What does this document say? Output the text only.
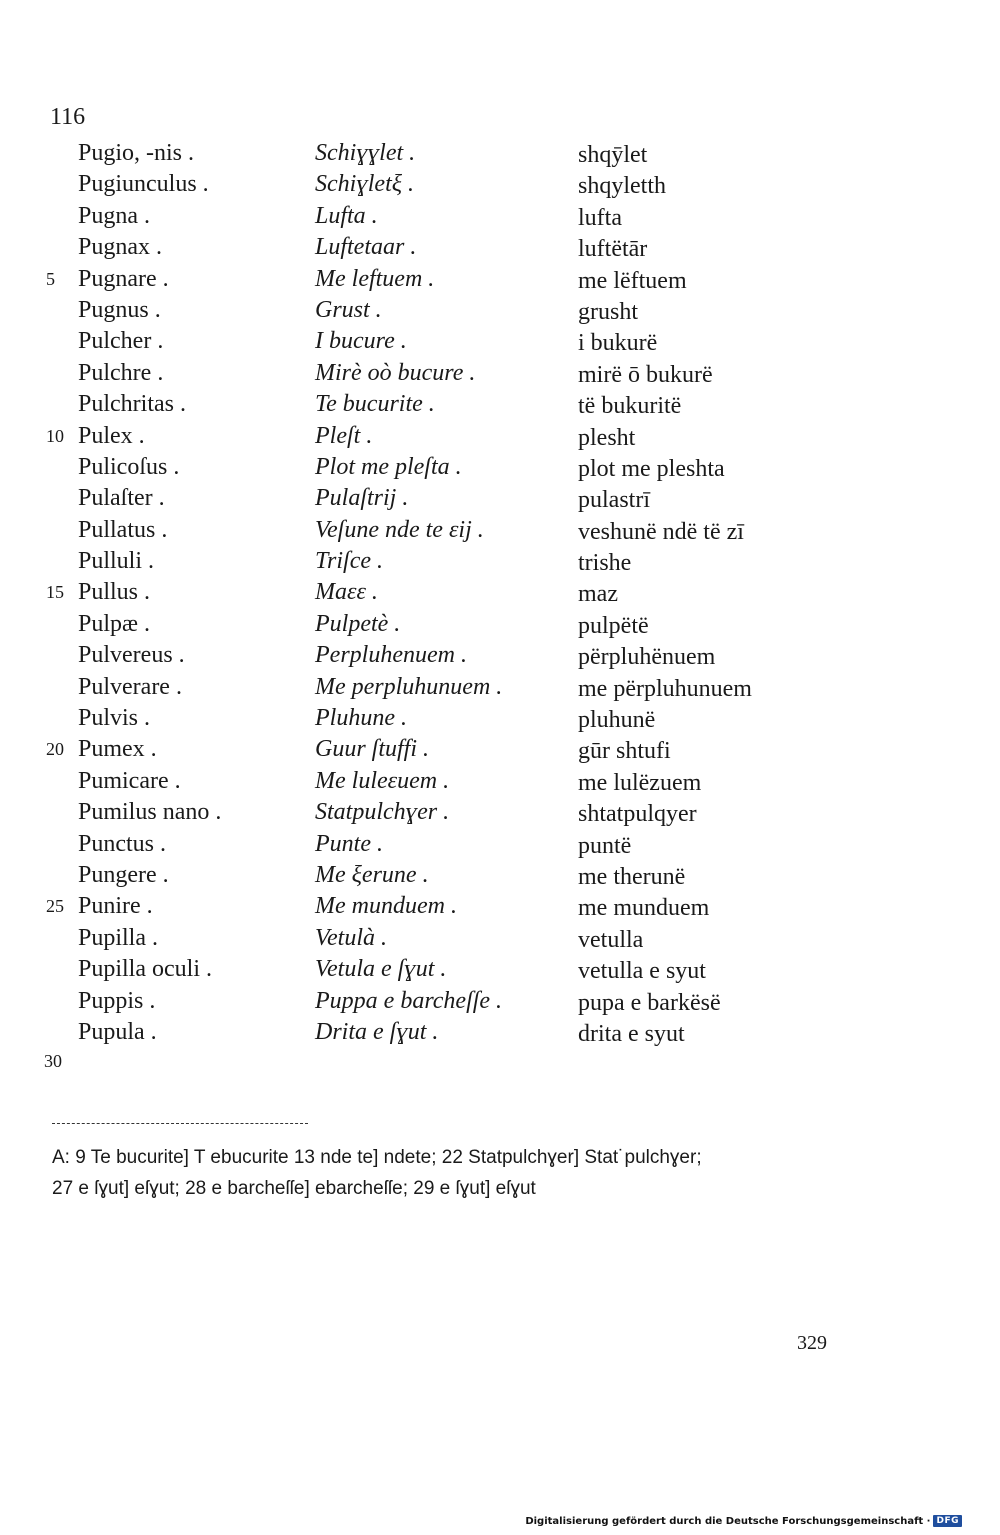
116
Pugio, -nis .	Schiɣɣlet .	shqȳlet
Pugiunculus .	Schiɣletξ .	shqyletth
Pugna .	Lufta .	lufta
Pugnax .	Luftetaar .	luftëtār
5 Pugnare .	Me leftuem .	me lëftuem
Pugnus .	Grust .	grusht
Pulcher .	I bucure .	i bukurë
Pulchre .	Mirè oò bucure .	mirë ō bukurë
Pulchritas .	Te bucurite .	të bukuritë
10 Pulex .	Pleſt .	plesht
Pulicoſus .	Plot me pleſta .	plot me pleshta
Pulaſter .	Pulaſtrij .	pulastrī
Pullatus .	Veſune nde te εij .	veshunë ndë të zī
Pulluli .	Triſce .	trishe
15 Pullus .	Maεε .	maz
Pulpæ .	Pulpetè .	pulpëtë
Pulvereus .	Perpluhenuem .	përpluhënuem
Pulverare .	Me perpluhunuem .	me përpluhunuem
Pulvis .	Pluhune .	pluhunë
20 Pumex .	Guur ſtuffi .	gūr shtufi
Pumicare .	Me luleεuem .	me lulëzuem
Pumilus nano .	Statpulchɣer .	shtatpulqyer
Punctus .	Punte .	puntë
Pungere .	Me ξerune .	me therunë
25 Punire .	Me munduem .	me munduem
Pupilla .	Vetulà .	vetulla
Pupilla oculi .	Vetula e ſɣut .	vetulla e syut
Puppis .	Puppa e barcheſſe .	pupa e barkësë
Pupula .	Drita e ſɣut .	drita e syut
30
A: 9 Te bucurite] T ebucurite 13 nde te] ndete; 22 Statpulchɣer] Stat˙pulchɣer;
27 e ſɣut] eſɣut; 28 e barcheſſe] ebarcheſſe; 29 e ſɣut] eſɣut
329
Digitalisierung gefördert durch die Deutsche Forschungsgemeinschaft · DFG
